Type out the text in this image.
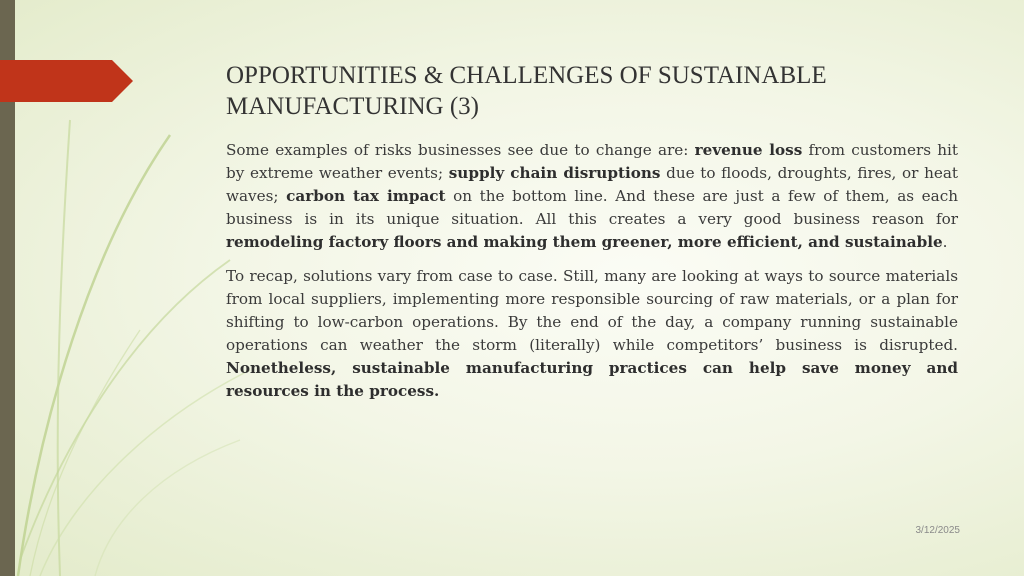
OPPORTUNITIES & CHALLENGES OF SUSTAINABLE MANUFACTURING (3)

Some examples of risks businesses see due to change are: revenue loss from customers hit by extreme weather events; supply chain disruptions due to floods, droughts, fires, or heat waves; carbon tax impact on the bottom line. And these are just a few of them, as each business is in its unique situation. All this creates a very good business reason for remodeling factory floors and making them greener, more efficient, and sustainable.

To recap, solutions vary from case to case. Still, many are looking at ways to source materials from local suppliers, implementing more responsible sourcing of raw materials, or a plan for shifting to low-carbon operations. By the end of the day, a company running sustainable operations can weather the storm (literally) while competitors’ business is disrupted. Nonetheless, sustainable manufacturing practices can help save money and resources in the process.

3/12/2025
